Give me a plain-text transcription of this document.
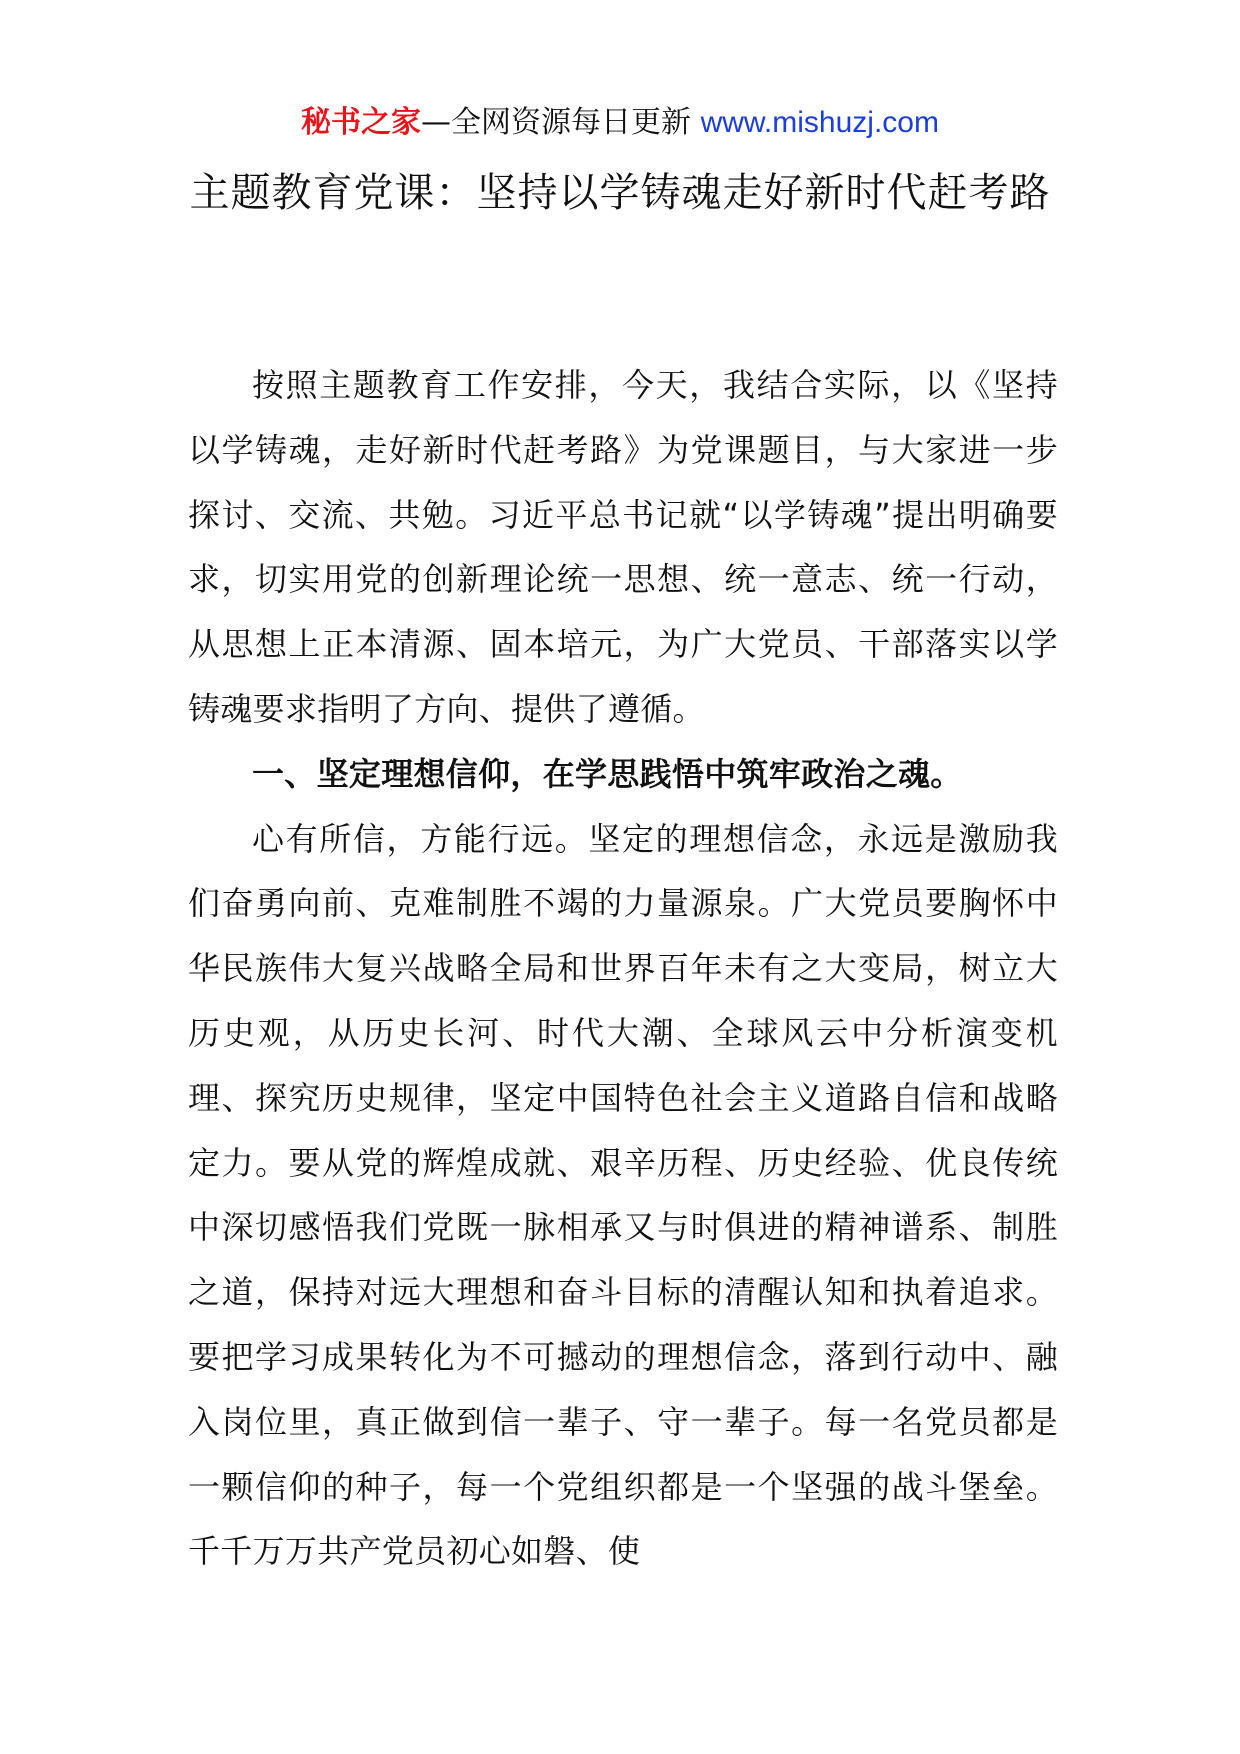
秘书之家—全网资源每日更新 www.mishuzj.com
主题教育党课：坚持以学铸魂走好新时代赶考路

按照主题教育工作安排，今天，我结合实际，以《坚持以学铸魂，走好新时代赶考路》为党课题目，与大家进一步探讨、交流、共勉。习近平总书记就“以学铸魂”提出明确要求，切实用党的创新理论统一思想、统一意志、统一行动，从思想上正本清源、固本培元，为广大党员、干部落实以学铸魂要求指明了方向、提供了遵循。

一、坚定理想信仰，在学思践悟中筑牢政治之魂。

心有所信，方能行远。坚定的理想信念，永远是激励我们奋勇向前、克难制胜不竭的力量源泉。广大党员要胸怀中华民族伟大复兴战略全局和世界百年未有之大变局，树立大历史观，从历史长河、时代大潮、全球风云中分析演变机理、探究历史规律，坚定中国特色社会主义道路自信和战略定力。要从党的辉煌成就、艰辛历程、历史经验、优良传统中深切感悟我们党既一脉相承又与时俱进的精神谱系、制胜之道，保持对远大理想和奋斗目标的清醒认知和执着追求。要把学习成果转化为不可撼动的理想信念，落到行动中、融入岗位里，真正做到信一辈子、守一辈子。每一名党员都是一颗信仰的种子，每一个党组织都是一个坚强的战斗堡垒。千千万万共产党员初心如磐、使
